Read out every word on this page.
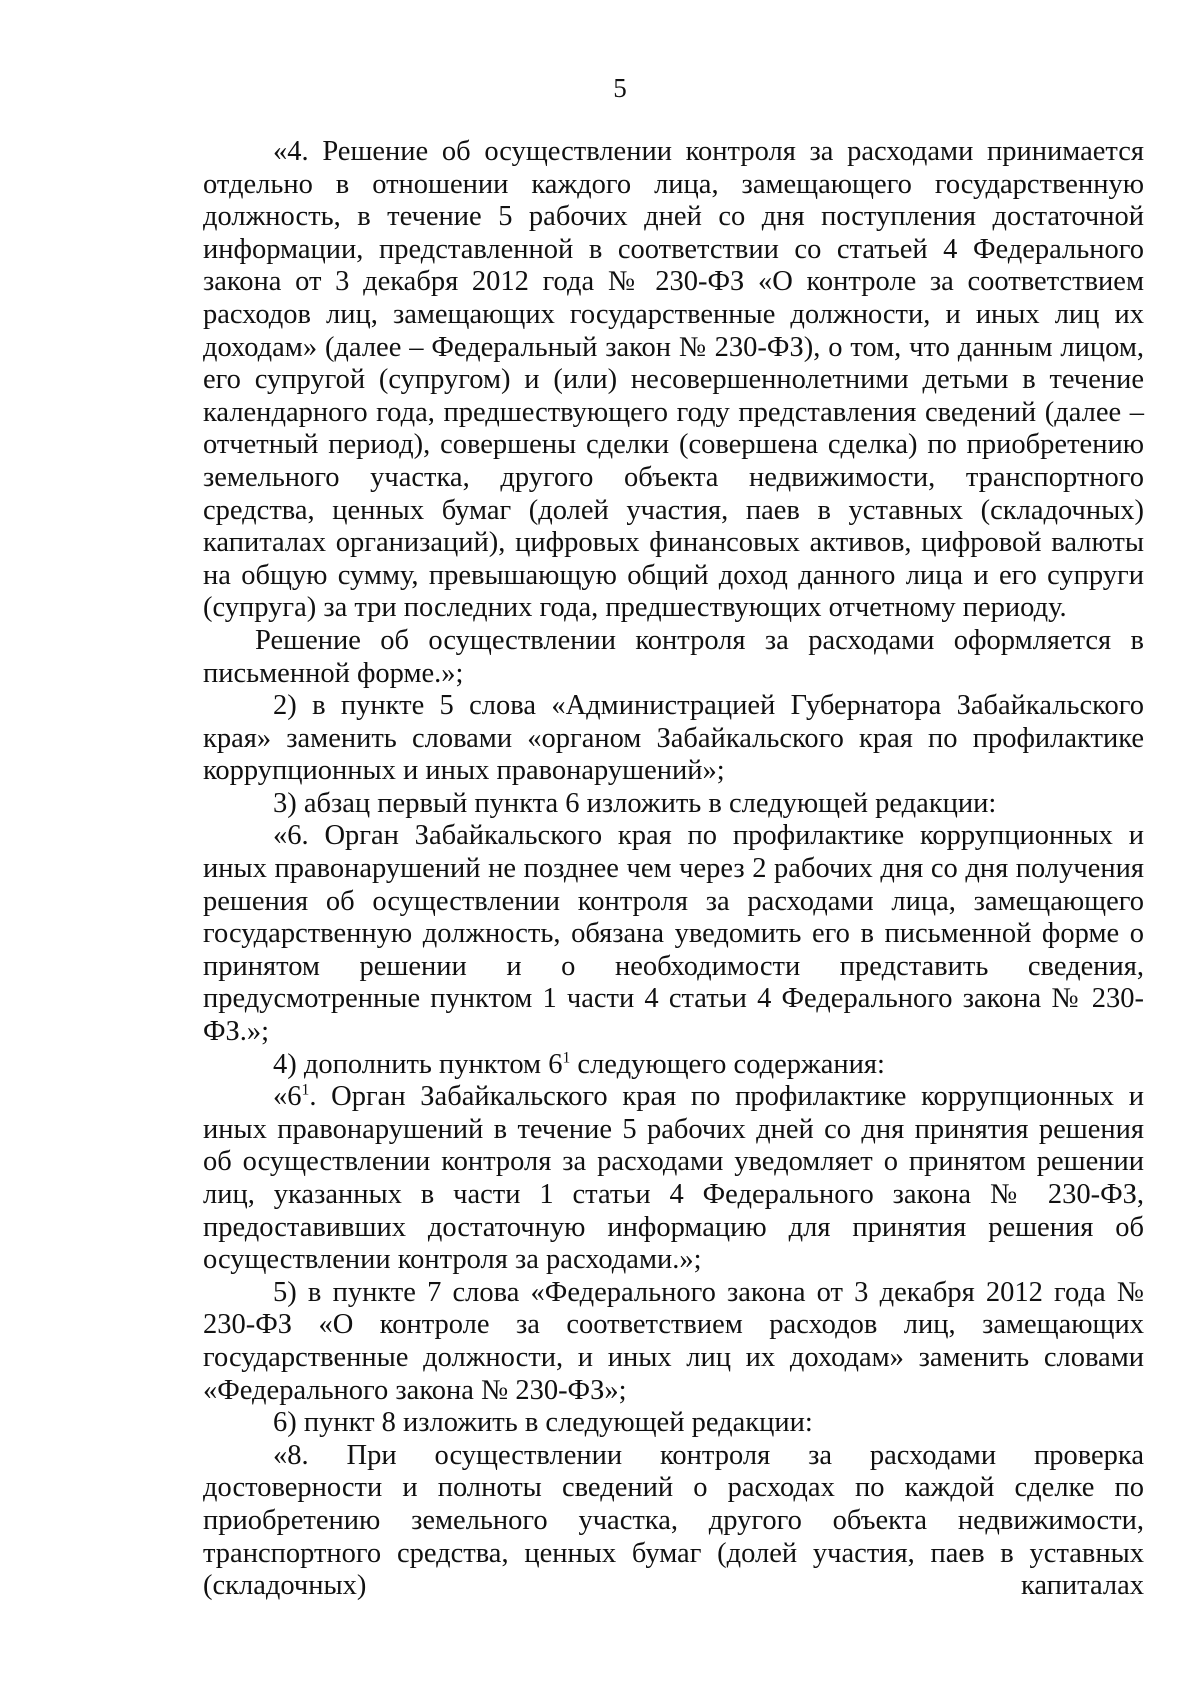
5

«4. Решение об осуществлении контроля за расходами принимается отдельно в отношении каждого лица, замещающего государственную должность, в течение 5 рабочих дней со дня поступления достаточной информации, представленной в соответствии со статьей 4 Федерального закона от 3 декабря 2012 года № 230-ФЗ «О контроле за соответствием расходов лиц, замещающих государственные должности, и иных лиц их доходам» (далее – Федеральный закон № 230-ФЗ), о том, что данным лицом, его супругой (супругом) и (или) несовершеннолетними детьми в течение календарного года, предшествующего году представления сведений (далее – отчетный период), совершены сделки (совершена сделка) по приобретению земельного участка, другого объекта недвижимости, транспортного средства, ценных бумаг (долей участия, паев в уставных (складочных) капиталах организаций), цифровых финансовых активов, цифровой валюты на общую сумму, превышающую общий доход данного лица и его супруги (супруга) за три последних года, предшествующих отчетному периоду.

Решение об осуществлении контроля за расходами оформляется в письменной форме.»;

2) в пункте 5 слова «Администрацией Губернатора Забайкальского края» заменить словами «органом Забайкальского края по профилактике коррупционных и иных правонарушений»;

3) абзац первый пункта 6 изложить в следующей редакции:

«6. Орган Забайкальского края по профилактике коррупционных и иных правонарушений не позднее чем через 2 рабочих дня со дня получения решения об осуществлении контроля за расходами лица, замещающего государственную должность, обязана уведомить его в письменной форме о принятом решении и о необходимости представить сведения, предусмотренные пунктом 1 части 4 статьи 4 Федерального закона № 230-ФЗ.»;

4) дополнить пунктом $6^1$ следующего содержания:

«$6^1$. Орган Забайкальского края по профилактике коррупционных и иных правонарушений в течение 5 рабочих дней со дня принятия решения об осуществлении контроля за расходами уведомляет о принятом решении лиц, указанных в части 1 статьи 4 Федерального закона № 230-ФЗ, предоставивших достаточную информацию для принятия решения об осуществлении контроля за расходами.»;

5) в пункте 7 слова «Федерального закона от 3 декабря 2012 года № 230-ФЗ «О контроле за соответствием расходов лиц, замещающих государственные должности, и иных лиц их доходам» заменить словами «Федерального закона № 230-ФЗ»;

6) пункт 8 изложить в следующей редакции:

«8. При осуществлении контроля за расходами проверка достоверности и полноты сведений о расходах по каждой сделке по приобретению земельного участка, другого объекта недвижимости, транспортного средства, ценных бумаг (долей участия, паев в уставных (складочных) капиталах
